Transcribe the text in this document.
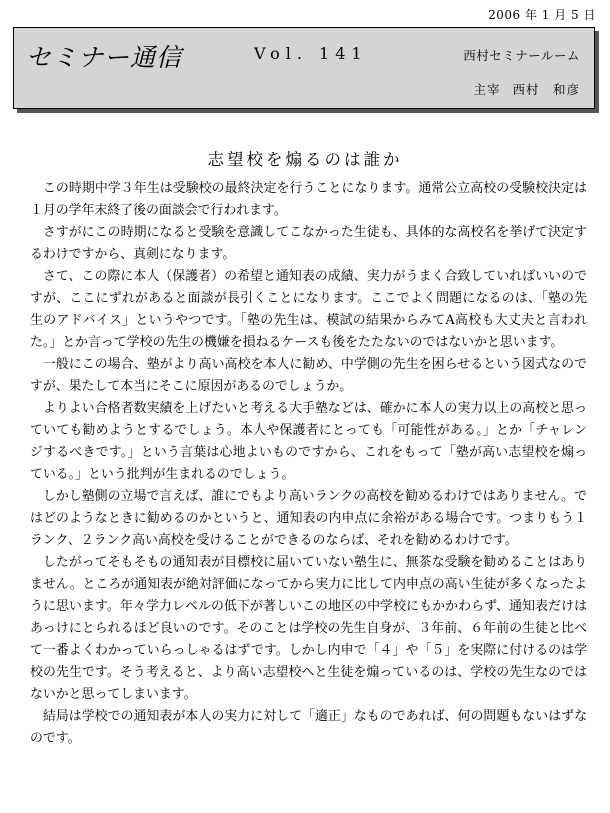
2006 年 1 月 5 日
セミナー通信	Vol. 141	西村セミナールーム
主宰 西村　和彦
志望校を煽るのは誰か

この時期中学３年生は受験校の最終決定を行うことになります。通常公立高校の受験校決定は１月の学年末終了後の面談会で行われます。

さすがにこの時期になると受験を意識してこなかった生徒も、具体的な高校名を挙げて決定するわけですから、真剣になります。

さて、この際に本人（保護者）の希望と通知表の成績、実力がうまく合致していればいいのですが、ここにずれがあると面談が長引くことになります。ここでよく問題になるのは、「塾の先生のアドバイス」というやつです。「塾の先生は、模試の結果からみてA高校も大丈夫と言われた。」とか言って学校の先生の機嫌を損ねるケースも後をたたないのではないかと思います。

一般にこの場合、塾がより高い高校を本人に勧め、中学側の先生を困らせるという図式なのですが、果たして本当にそこに原因があるのでしょうか。

よりよい合格者数実績を上げたいと考える大手塾などは、確かに本人の実力以上の高校と思っていても勧めようとするでしょう。本人や保護者にとっても「可能性がある。」とか「チャレンジするべきです。」という言葉は心地よいものですから、これをもって「塾が高い志望校を煽っている。」という批判が生まれるのでしょう。

しかし塾側の立場で言えば、誰にでもより高いランクの高校を勧めるわけではありません。ではどのようなときに勧めるのかというと、通知表の内申点に余裕がある場合です。つまりもう１ランク、２ランク高い高校を受けることができるのならば、それを勧めるわけです。

したがってそもそもの通知表が目標校に届いていない塾生に、無茶な受験を勧めることはありません。ところが通知表が絶対評価になってから実力に比して内申点の高い生徒が多くなったように思います。年々学力レベルの低下が著しいこの地区の中学校にもかかわらず、通知表だけはあっけにとられるほど良いのです。そのことは学校の先生自身が、３年前、６年前の生徒と比べて一番よくわかっていらっしゃるはずです。しかし内申で「４」や「５」を実際に付けるのは学校の先生です。そう考えると、より高い志望校へと生徒を煽っているのは、学校の先生なのではないかと思ってしまいます。

結局は学校での通知表が本人の実力に対して「適正」なものであれば、何の問題もないはずなのです。
